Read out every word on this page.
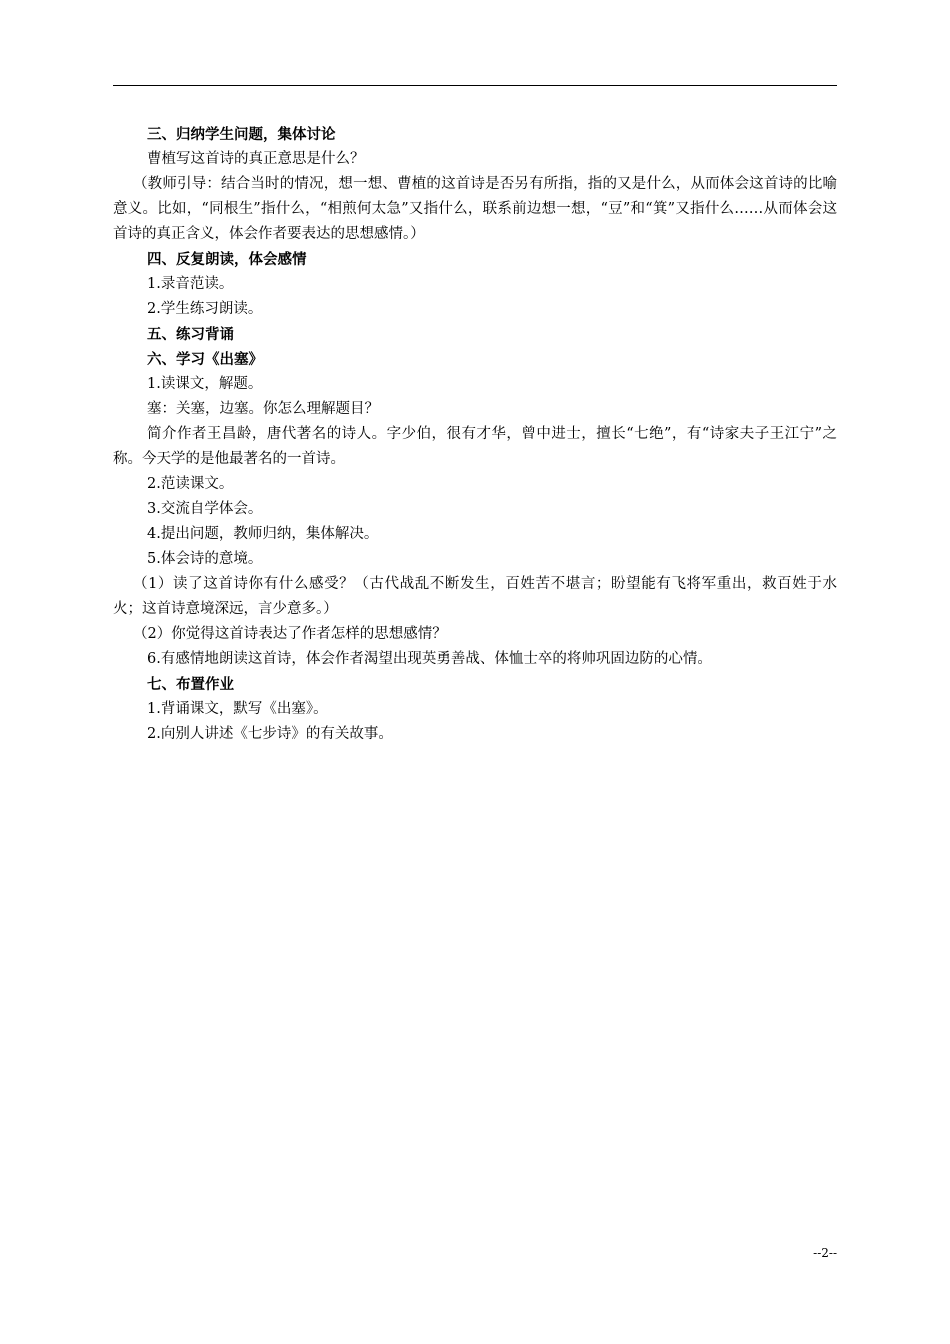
三、归纳学生问题，集体讨论

曹植写这首诗的真正意思是什么？

（教师引导：结合当时的情况，想一想、曹植的这首诗是否另有所指，指的又是什么，从而体会这首诗的比喻意义。比如，“同根生”指什么，“相煎何太急”又指什么，联系前边想一想，“豆”和“箕”又指什么……从而体会这首诗的真正含义，体会作者要表达的思想感情。）

四、反复朗读，体会感情

1.录音范读。

2.学生练习朗读。

五、练习背诵

六、学习《出塞》

1.读课文，解题。

塞：关塞，边塞。你怎么理解题目？

简介作者王昌龄，唐代著名的诗人。字少伯，很有才华，曾中进士，擅长“七绝”，有“诗家夫子王江宁”之称。今天学的是他最著名的一首诗。

2.范读课文。

3.交流自学体会。

4.提出问题，教师归纳，集体解决。

5.体会诗的意境。

（1）读了这首诗你有什么感受？（古代战乱不断发生，百姓苦不堪言；盼望能有飞将军重出，救百姓于水火；这首诗意境深远，言少意多。）

（2）你觉得这首诗表达了作者怎样的思想感情？

6.有感情地朗读这首诗，体会作者渴望出现英勇善战、体恤士卒的将帅巩固边防的心情。

七、布置作业

1.背诵课文，默写《出塞》。

2.向别人讲述《七步诗》的有关故事。

--2--
